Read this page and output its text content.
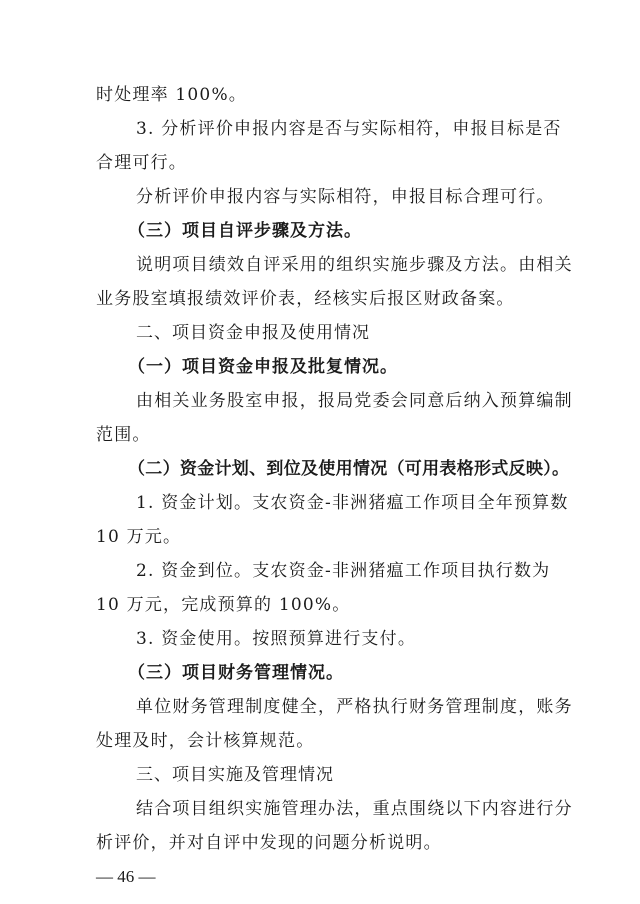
时处理率 100%。
3. 分析评价申报内容是否与实际相符，申报目标是否
合理可行。
分析评价申报内容与实际相符，申报目标合理可行。
（三）项目自评步骤及方法。
说明项目绩效自评采用的组织实施步骤及方法。由相关
业务股室填报绩效评价表，经核实后报区财政备案。
二、项目资金申报及使用情况
（一）项目资金申报及批复情况。
由相关业务股室申报，报局党委会同意后纳入预算编制
范围。
（二）资金计划、到位及使用情况（可用表格形式反映）。
1. 资金计划。支农资金-非洲猪瘟工作项目全年预算数
10 万元。
2. 资金到位。支农资金-非洲猪瘟工作项目执行数为
10 万元，完成预算的 100%。
3. 资金使用。按照预算进行支付。
（三）项目财务管理情况。
单位财务管理制度健全，严格执行财务管理制度，账务
处理及时，会计核算规范。
三、项目实施及管理情况
结合项目组织实施管理办法，重点围绕以下内容进行分
析评价，并对自评中发现的问题分析说明。
— 46 —
